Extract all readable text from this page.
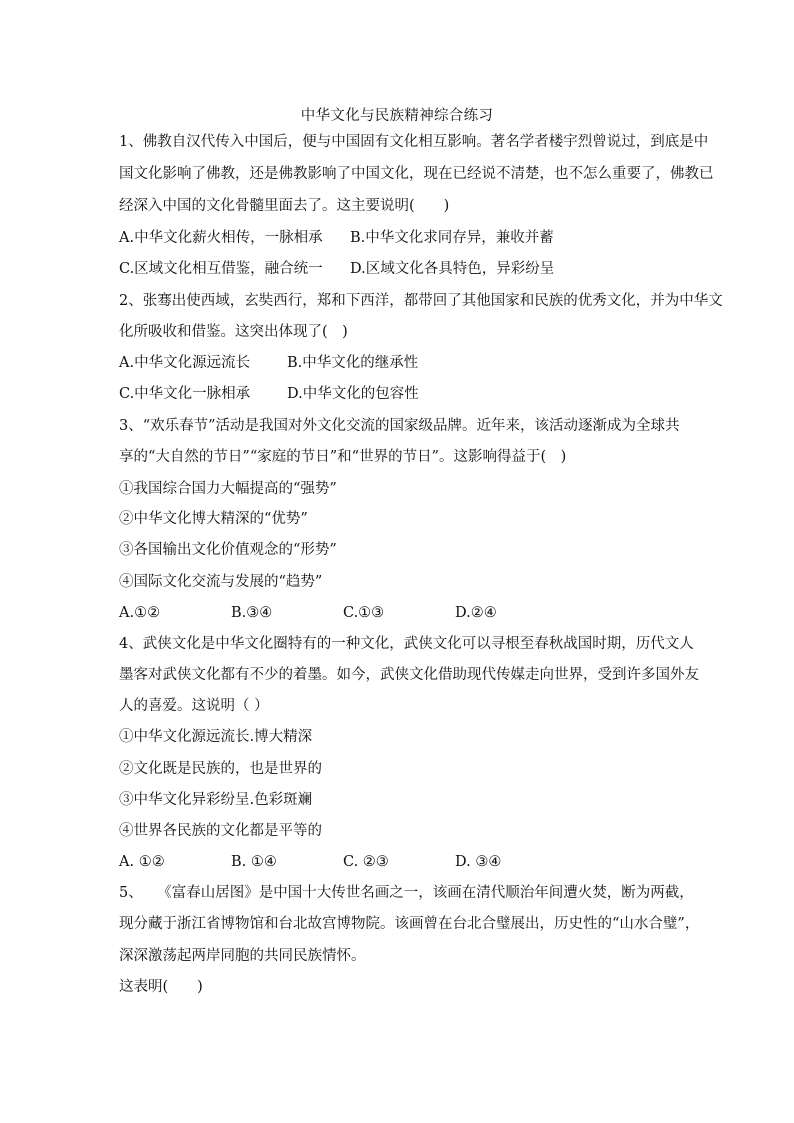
中华文化与民族精神综合练习
1、佛教自汉代传入中国后，便与中国固有文化相互影响。著名学者楼宇烈曾说过，到底是中
国文化影响了佛教，还是佛教影响了中国文化，现在已经说不清楚，也不怎么重要了，佛教已
经深入中国的文化骨髓里面去了。这主要说明(　　)
A.中华文化薪火相传，一脉相承 B.中华文化求同存异，兼收并蓄
C.区域文化相互借鉴，融合统一 D.区域文化各具特色，异彩纷呈
2、张骞出使西域，玄奘西行，郑和下西洋，都带回了其他国家和民族的优秀文化，并为中华文
化所吸收和借鉴。这突出体现了(　)
A.中华文化源远流长	B.中华文化的继承性
C.中华文化一脉相承	D.中华文化的包容性
3、“欢乐春节”活动是我国对外文化交流的国家级品牌。近年来，该活动逐渐成为全球共
享的“大自然的节日”“家庭的节日”和“世界的节日”。这影响得益于(　)
①我国综合国力大幅提高的“强势”
②中华文化博大精深的“优势”
③各国输出文化价值观念的“形势”
④国际文化交流与发展的“趋势”
A.①②	B.③④	C.①③	D.②④
4、武侠文化是中华文化圈特有的一种文化，武侠文化可以寻根至春秋战国时期，历代文人
墨客对武侠文化都有不少的着墨。如今，武侠文化借助现代传媒走向世界，受到许多国外友
人的喜爱。这说明（ ）
①中华文化源远流长.博大精深
②文化既是民族的，也是世界的
③中华文化异彩纷呈.色彩斑斓
④世界各民族的文化都是平等的
A. ①②	B. ①④	C. ②③	D. ③④
5、　　《富春山居图》是中国十大传世名画之一，该画在清代顺治年间遭火焚，断为两截，
现分藏于浙江省博物馆和台北故宫博物院。该画曾在台北合璧展出，历史性的“山水合璧”，
深深激荡起两岸同胞的共同民族情怀。
这表明(　　)
